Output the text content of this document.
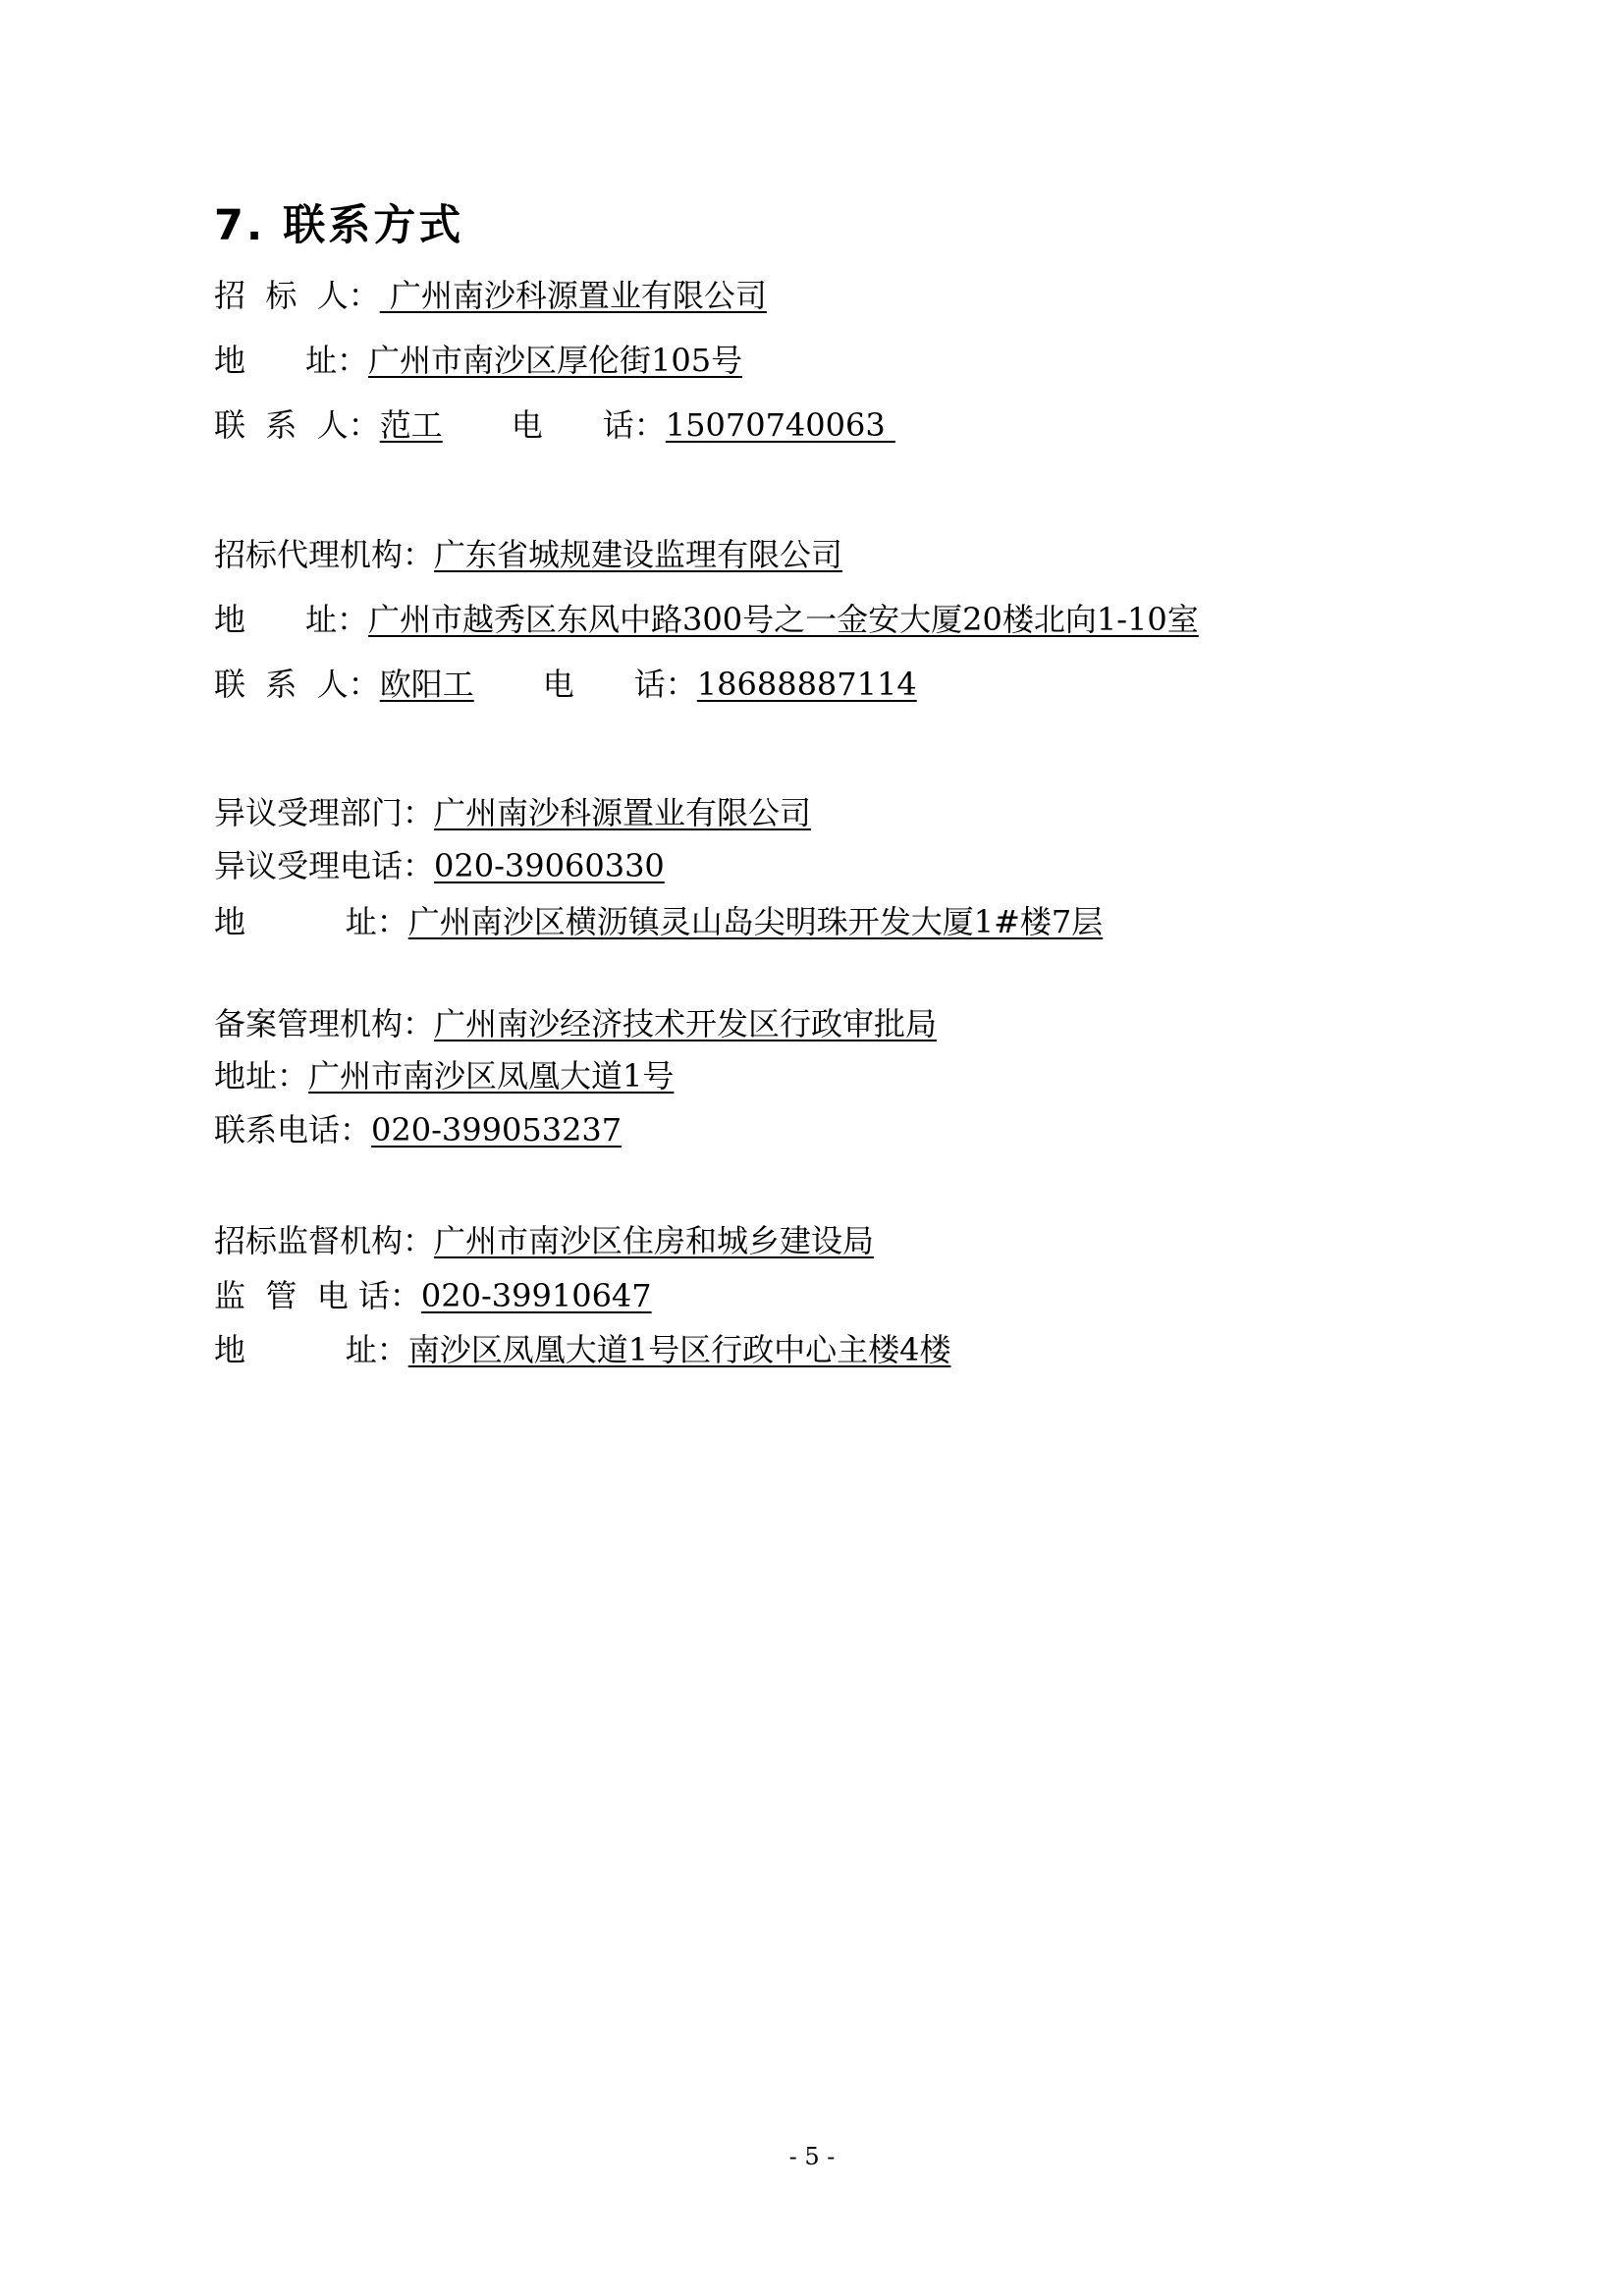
7. 联系方式
招  标  人： 广州南沙科源置业有限公司
地      址：广州市南沙区厚伦街105号
联  系  人：范工 电      话：15070740063
招标代理机构：广东省城规建设监理有限公司
地      址：广州市越秀区东风中路300号之一金安大厦20楼北向1-10室
联  系  人：欧阳工 电      话：18688887114
异议受理部门：广州南沙科源置业有限公司
异议受理电话：020-39060330
地          址：广州南沙区横沥镇灵山岛尖明珠开发大厦1#楼7层
备案管理机构：广州南沙经济技术开发区行政审批局
地址：广州市南沙区凤凰大道1号
联系电话：020-399053237
招标监督机构：广州市南沙区住房和城乡建设局
监  管  电 话：020-39910647
地          址：南沙区凤凰大道1号区行政中心主楼4楼
- 5 -
